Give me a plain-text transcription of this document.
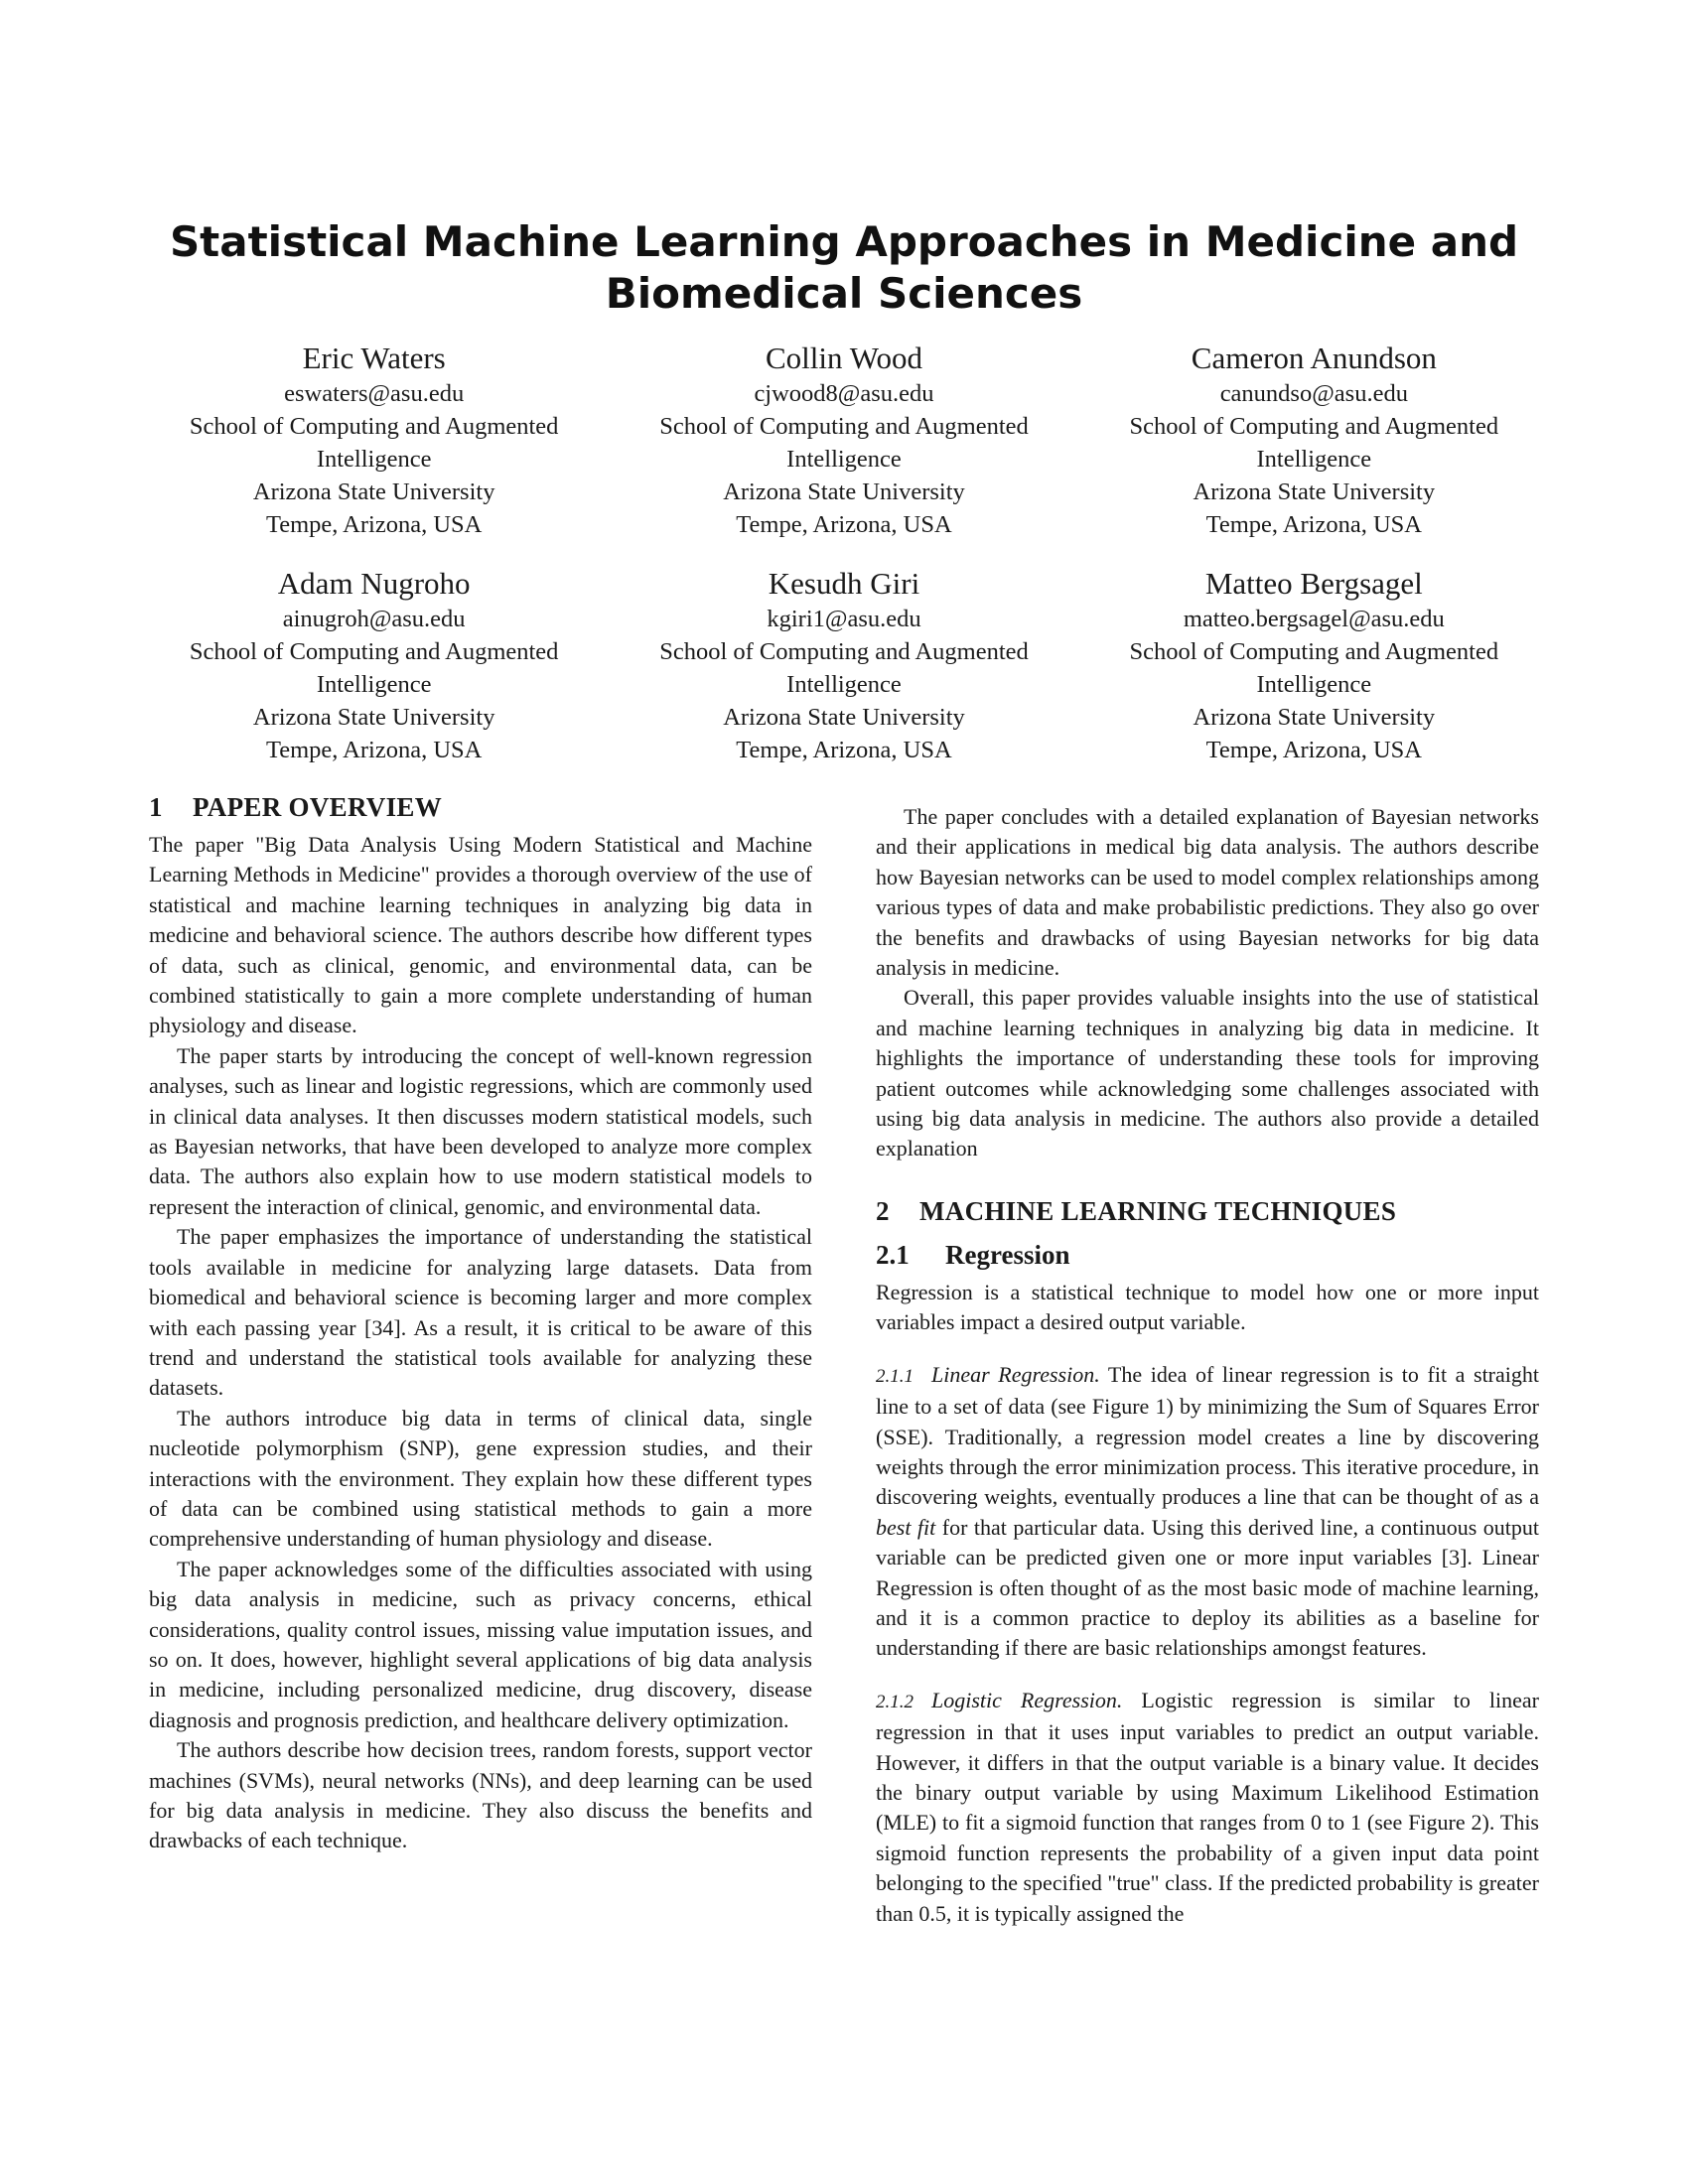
Statistical Machine Learning Approaches in Medicine and Biomedical Sciences
Eric Waters
eswaters@asu.edu
School of Computing and Augmented
Intelligence
Arizona State University
Tempe, Arizona, USA
Collin Wood
cjwood8@asu.edu
School of Computing and Augmented
Intelligence
Arizona State University
Tempe, Arizona, USA
Cameron Anundson
canundso@asu.edu
School of Computing and Augmented
Intelligence
Arizona State University
Tempe, Arizona, USA
Adam Nugroho
ainugroh@asu.edu
School of Computing and Augmented
Intelligence
Arizona State University
Tempe, Arizona, USA
Kesudh Giri
kgiri1@asu.edu
School of Computing and Augmented
Intelligence
Arizona State University
Tempe, Arizona, USA
Matteo Bergsagel
matteo.bergsagel@asu.edu
School of Computing and Augmented
Intelligence
Arizona State University
Tempe, Arizona, USA
1 PAPER OVERVIEW

The paper "Big Data Analysis Using Modern Statistical and Machine Learning Methods in Medicine" provides a thorough overview of the use of statistical and machine learning techniques in analyzing big data in medicine and behavioral science. The authors describe how different types of data, such as clinical, genomic, and environmental data, can be combined statistically to gain a more complete understanding of human physiology and disease.

The paper starts by introducing the concept of well-known regression analyses, such as linear and logistic regressions, which are commonly used in clinical data analyses. It then discusses modern statistical models, such as Bayesian networks, that have been developed to analyze more complex data. The authors also explain how to use modern statistical models to represent the interaction of clinical, genomic, and environmental data.

The paper emphasizes the importance of understanding the statistical tools available in medicine for analyzing large datasets. Data from biomedical and behavioral science is becoming larger and more complex with each passing year [34]. As a result, it is critical to be aware of this trend and understand the statistical tools available for analyzing these datasets.

The authors introduce big data in terms of clinical data, single nucleotide polymorphism (SNP), gene expression studies, and their interactions with the environment. They explain how these different types of data can be combined using statistical methods to gain a more comprehensive understanding of human physiology and disease.

The paper acknowledges some of the difficulties associated with using big data analysis in medicine, such as privacy concerns, ethical considerations, quality control issues, missing value imputation issues, and so on. It does, however, highlight several applications of big data analysis in medicine, including personalized medicine, drug discovery, disease diagnosis and prognosis prediction, and healthcare delivery optimization.

The authors describe how decision trees, random forests, support vector machines (SVMs), neural networks (NNs), and deep learning can be used for big data analysis in medicine. They also discuss the benefits and drawbacks of each technique.

The paper concludes with a detailed explanation of Bayesian networks and their applications in medical big data analysis. The authors describe how Bayesian networks can be used to model complex relationships among various types of data and make probabilistic predictions. They also go over the benefits and drawbacks of using Bayesian networks for big data analysis in medicine.

Overall, this paper provides valuable insights into the use of statistical and machine learning techniques in analyzing big data in medicine. It highlights the importance of understanding these tools for improving patient outcomes while acknowledging some challenges associated with using big data analysis in medicine. The authors also provide a detailed explanation

2 MACHINE LEARNING TECHNIQUES
2.1 Regression

Regression is a statistical technique to model how one or more input variables impact a desired output variable.

2.1.1 Linear Regression. The idea of linear regression is to fit a straight line to a set of data (see Figure 1) by minimizing the Sum of Squares Error (SSE). Traditionally, a regression model creates a line by discovering weights through the error minimization process. This iterative procedure, in discovering weights, eventually produces a line that can be thought of as a best fit for that particular data. Using this derived line, a continuous output variable can be predicted given one or more input variables [3]. Linear Regression is often thought of as the most basic mode of machine learning, and it is a common practice to deploy its abilities as a baseline for understanding if there are basic relationships amongst features.

2.1.2 Logistic Regression. Logistic regression is similar to linear regression in that it uses input variables to predict an output variable. However, it differs in that the output variable is a binary value. It decides the binary output variable by using Maximum Likelihood Estimation (MLE) to fit a sigmoid function that ranges from 0 to 1 (see Figure 2). This sigmoid function represents the probability of a given input data point belonging to the specified "true" class. If the predicted probability is greater than 0.5, it is typically assigned the
